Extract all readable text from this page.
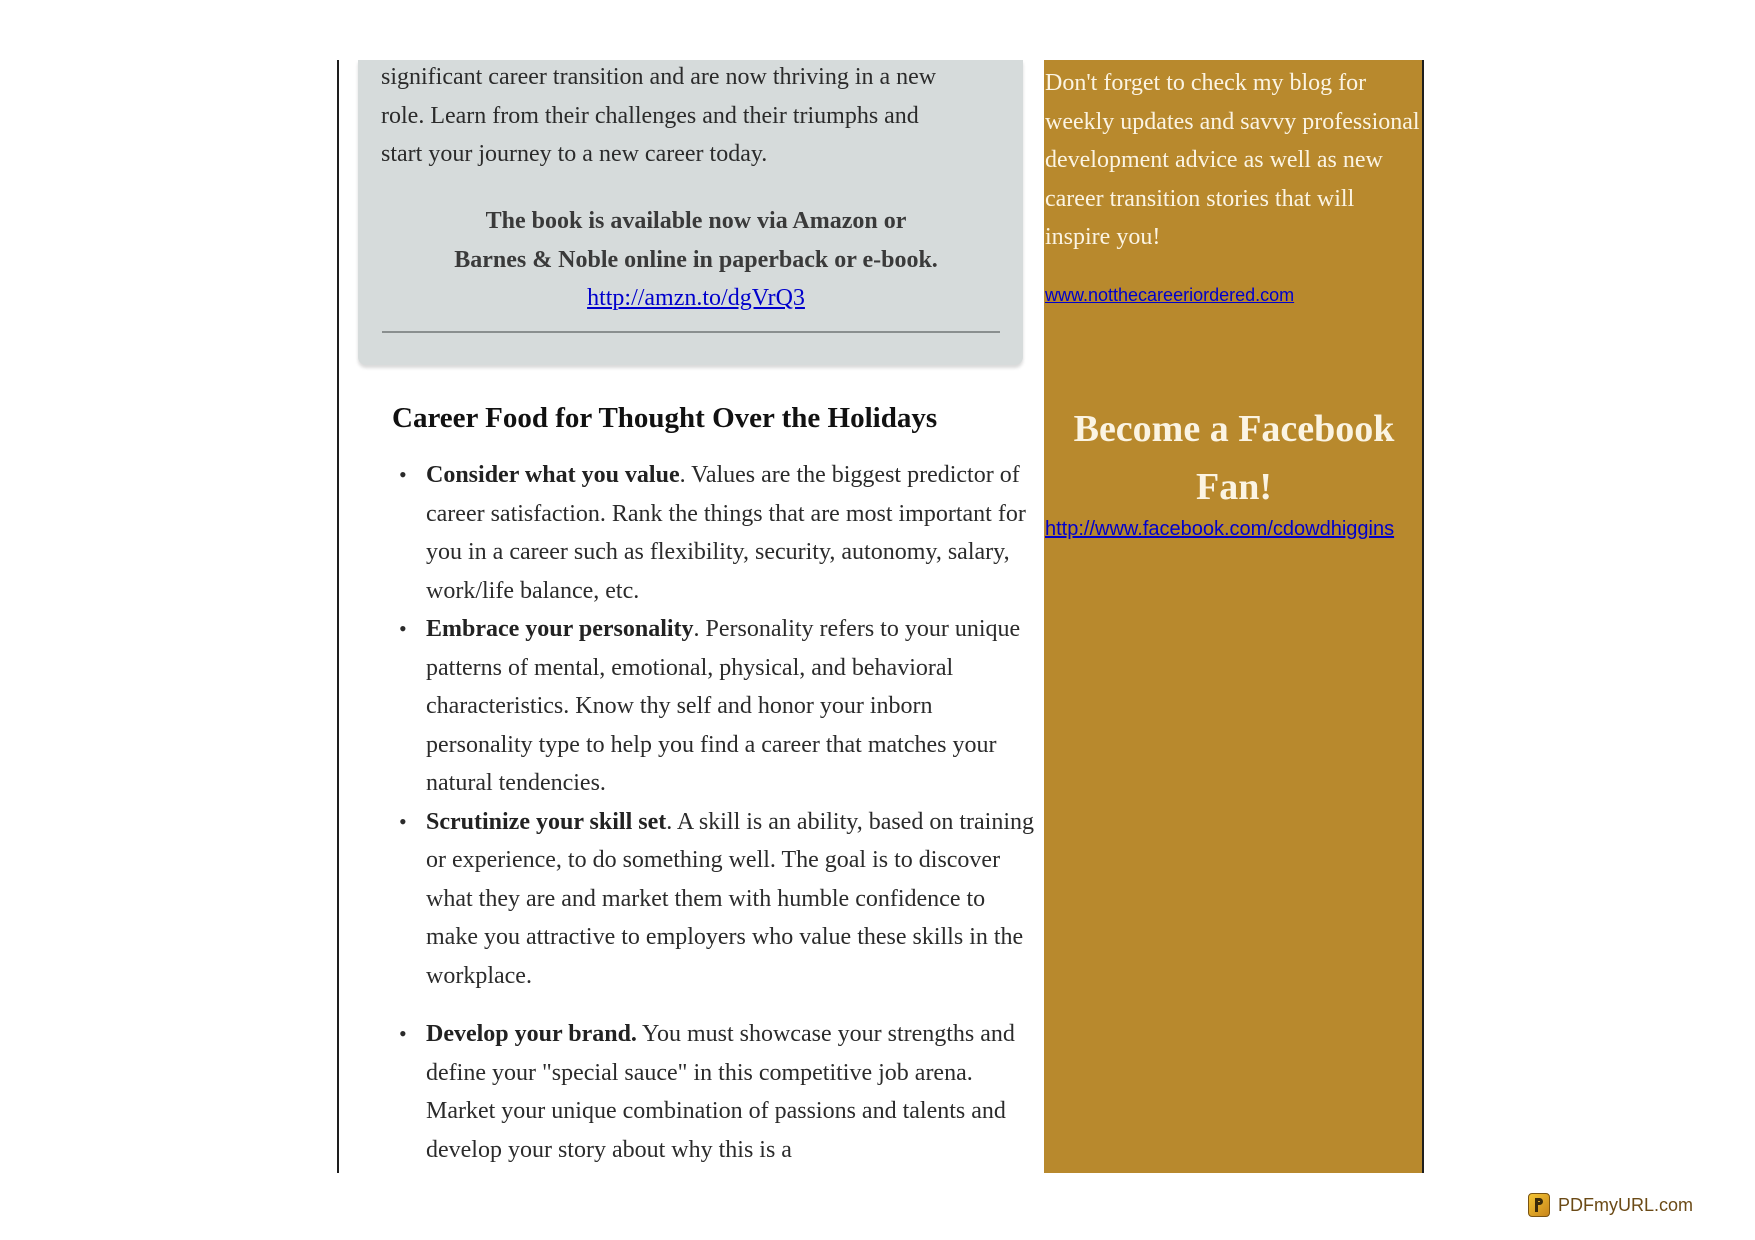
significant career transition and are now thriving in a new
role. Learn from their challenges and their triumphs and
start your journey to a new career today.
The book is available now via Amazon or
Barnes & Noble online in paperback or e-book.
http://amzn.to/dgVrQ3
Career Food for Thought Over the Holidays
• Consider what you value. Values are the biggest predictor of career satisfaction. Rank the things that are most important for you in a career such as flexibility, security, autonomy, salary, work/life balance, etc.
• Embrace your personality. Personality refers to your unique patterns of mental, emotional, physical, and behavioral characteristics. Know thy self and honor your inborn personality type to help you find a career that matches your natural tendencies.
• Scrutinize your skill set. A skill is an ability, based on training or experience, to do something well. The goal is to discover what they are and market them with humble confidence to make you attractive to employers who value these skills in the workplace.
• Develop your brand. You must showcase your strengths and define your "special sauce" in this competitive job arena. Market your unique combination of passions and talents and develop your story about why this is a
Don't forget to check my blog for weekly updates and savvy professional development advice as well as new career transition stories that will inspire you!
www.notthecareeriordered.com
Become a Facebook
Fan!
http://www.facebook.com/cdowdhiggins
PDFmyURL.com
